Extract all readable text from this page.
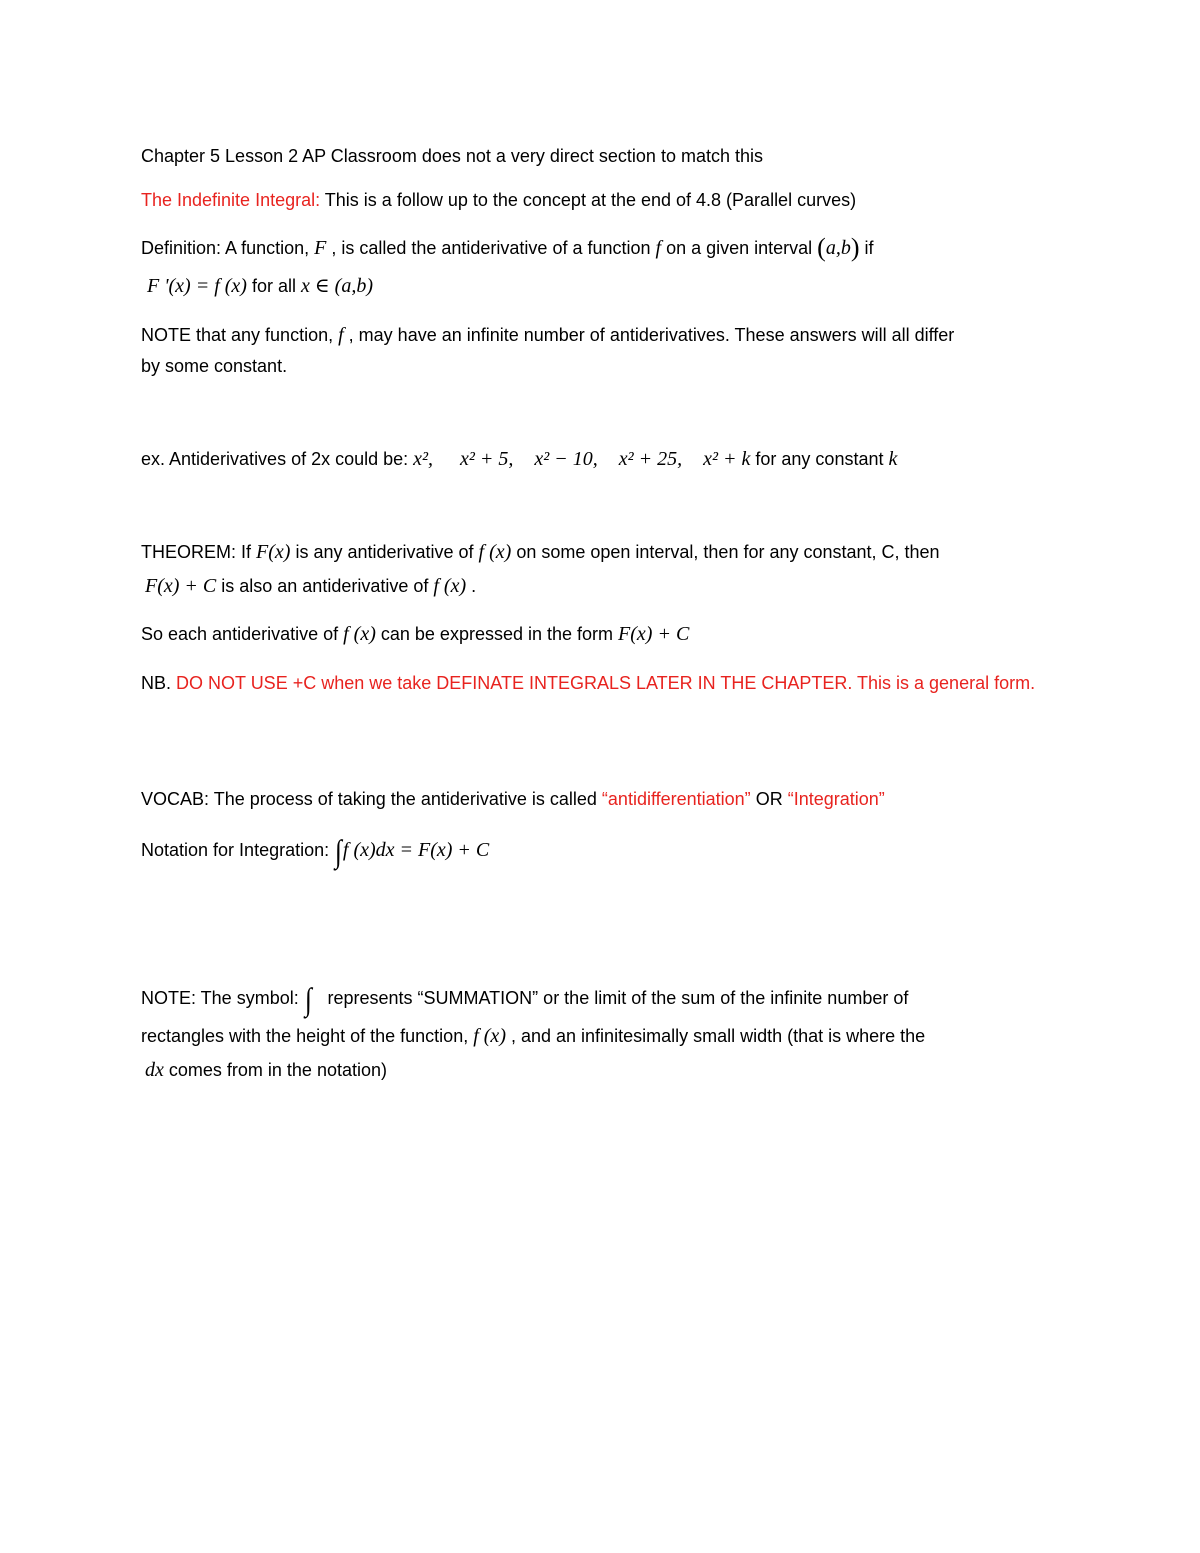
Chapter 5 Lesson 2 AP Classroom does not a very direct section to match this
The Indefinite Integral: This is a follow up to the concept at the end of 4.8 (Parallel curves)
Definition: A function, F , is called the antiderivative of a function f on a given interval (a,b) if
F '(x) = f (x) for all x ∈ (a,b)
NOTE that any function, f , may have an infinite number of antiderivatives. These answers will all differ
by some constant.
ex. Antiderivatives of 2x could be: x², x² + 5, x² − 10, x² + 25, x² + k for any constant k
THEOREM: If F(x) is any antiderivative of f (x) on some open interval, then for any constant, C, then
F(x) + C is also an antiderivative of f (x) .
So each antiderivative of f (x) can be expressed in the form F(x) + C
NB. DO NOT USE +C when we take DEFINATE INTEGRALS LATER IN THE CHAPTER. This is a general form.
VOCAB: The process of taking the antiderivative is called “antidifferentiation” OR “Integration”
Notation for Integration: ∫f (x)dx = F(x) + C
NOTE: The symbol: ∫ represents “SUMMATION” or the limit of the sum of the infinite number of
rectangles with the height of the function, f (x) , and an infinitesimally small width (that is where the
dx comes from in the notation)
